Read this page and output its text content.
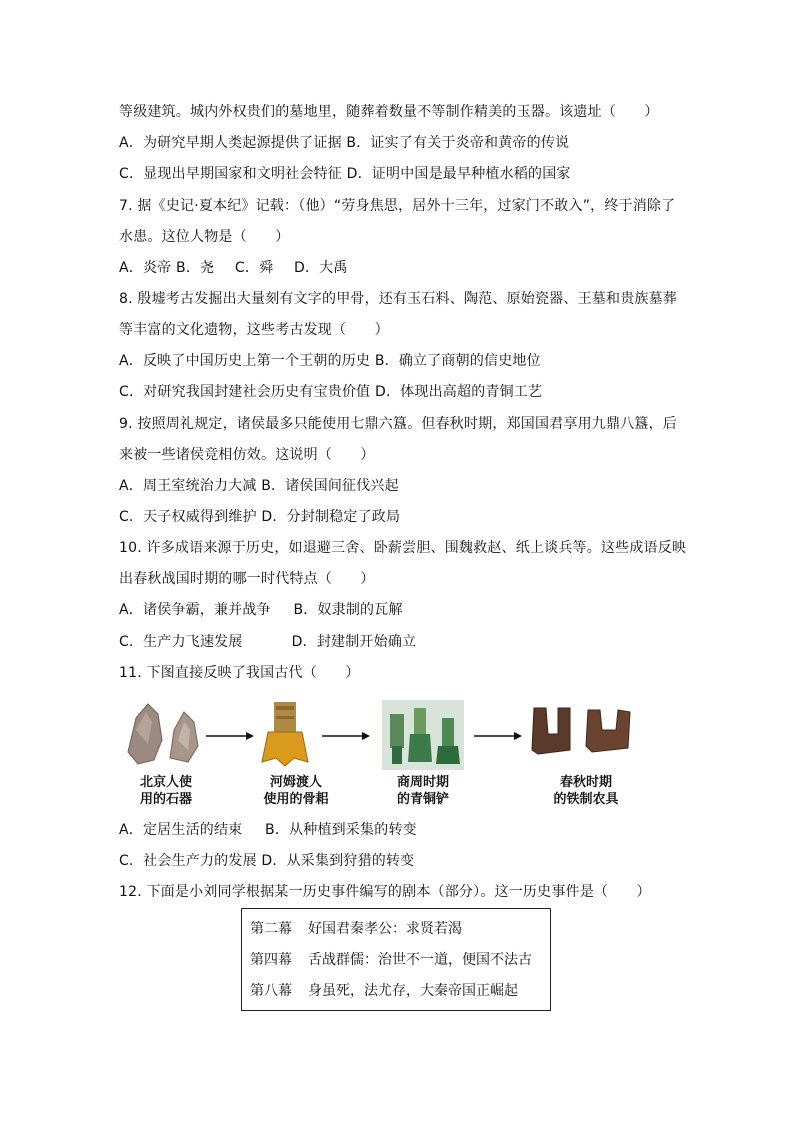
等级建筑。城内外权贵们的墓地里，随葬着数量不等制作精美的玉器。该遗址（　　）
A．为研究早期人类起源提供了证据 B．证实了有关于炎帝和黄帝的传说
C．显现出早期国家和文明社会特征 D．证明中国是最早种植水稻的国家
7. 据《史记·夏本纪》记载：（他）“劳身焦思，居外十三年，过家门不敢入”，终于消除了
水患。这位人物是（　　）
A．炎帝 B．尧 C．舜 D．大禹
8. 殷墟考古发掘出大量刻有文字的甲骨，还有玉石料、陶范、原始瓷器、王墓和贵族墓葬
等丰富的文化遗物，这些考古发现（　　）
A．反映了中国历史上第一个王朝的历史 B．确立了商朝的信史地位
C．对研究我国封建社会历史有宝贵价值 D．体现出高超的青铜工艺
9. 按照周礼规定，诸侯最多只能使用七鼎六簋。但春秋时期，郑国国君享用九鼎八簋，后
来被一些诸侯竞相仿效。这说明（　　）
A．周王室统治力大减 B．诸侯国间征伐兴起
C．天子权威得到维护 D．分封制稳定了政局
10. 许多成语来源于历史，如退避三舍、卧薪尝胆、围魏救赵、纸上谈兵等。这些成语反映
出春秋战国时期的哪一时代特点（　　）
A．诸侯争霸，兼并战争 B．奴隶制的瓦解
C．生产力飞速发展	D．封建制开始确立
11. 下图直接反映了我国古代（　　）
北京人使
用的石器
河姆渡人
使用的骨耜
商周时期
的青铜铲
春秋时期
的铁制农具
A．定居生活的结束 B．从种植到采集的转变
C．社会生产力的发展 D．从采集到狩猎的转变
12. 下面是小刘同学根据某一历史事件编写的剧本（部分）。这一历史事件是（　　）
第二幕 好国君秦孝公：求贤若渴
第四幕 舌战群儒：治世不一道，便国不法古
第八幕 身虽死，法尤存，大秦帝国正崛起
